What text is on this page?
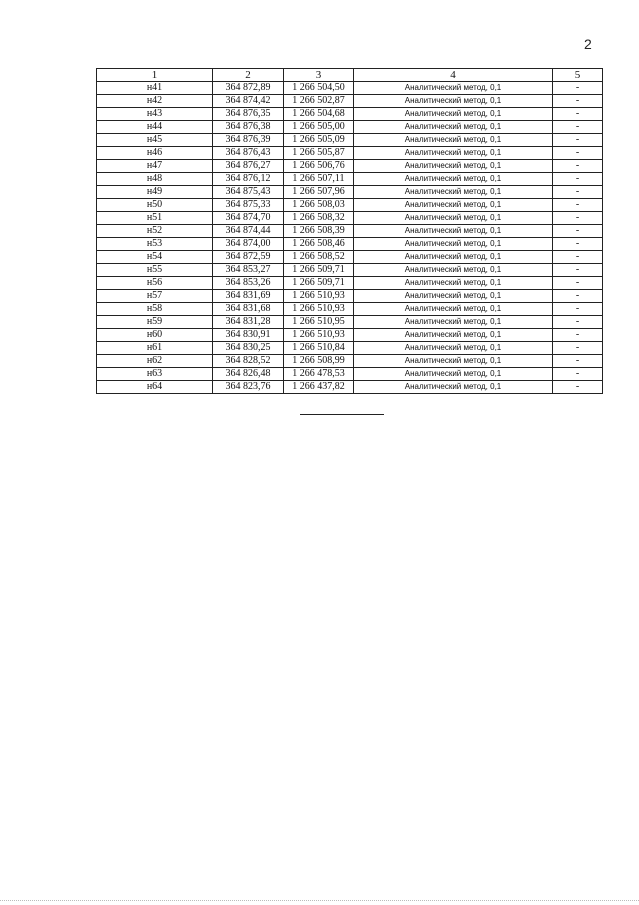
2
1	2	3	4	5
н41	364 872,89	1 266 504,50	Аналитический метод, 0,1	-
н42	364 874,42	1 266 502,87	Аналитический метод, 0,1	-
н43	364 876,35	1 266 504,68	Аналитический метод, 0,1	-
н44	364 876,38	1 266 505,00	Аналитический метод, 0,1	-
н45	364 876,39	1 266 505,09	Аналитический метод, 0,1	-
н46	364 876,43	1 266 505,87	Аналитический метод, 0,1	-
н47	364 876,27	1 266 506,76	Аналитический метод, 0,1	-
н48	364 876,12	1 266 507,11	Аналитический метод, 0,1	-
н49	364 875,43	1 266 507,96	Аналитический метод, 0,1	-
н50	364 875,33	1 266 508,03	Аналитический метод, 0,1	-
н51	364 874,70	1 266 508,32	Аналитический метод, 0,1	-
н52	364 874,44	1 266 508,39	Аналитический метод, 0,1	-
н53	364 874,00	1 266 508,46	Аналитический метод, 0,1	-
н54	364 872,59	1 266 508,52	Аналитический метод, 0,1	-
н55	364 853,27	1 266 509,71	Аналитический метод, 0,1	-
н56	364 853,26	1 266 509,71	Аналитический метод, 0,1	-
н57	364 831,69	1 266 510,93	Аналитический метод, 0,1	-
н58	364 831,68	1 266 510,93	Аналитический метод, 0,1	-
н59	364 831,28	1 266 510,95	Аналитический метод, 0,1	-
н60	364 830,91	1 266 510,93	Аналитический метод, 0,1	-
н61	364 830,25	1 266 510,84	Аналитический метод, 0,1	-
н62	364 828,52	1 266 508,99	Аналитический метод, 0,1	-
н63	364 826,48	1 266 478,53	Аналитический метод, 0,1	-
н64	364 823,76	1 266 437,82	Аналитический метод, 0,1	-
